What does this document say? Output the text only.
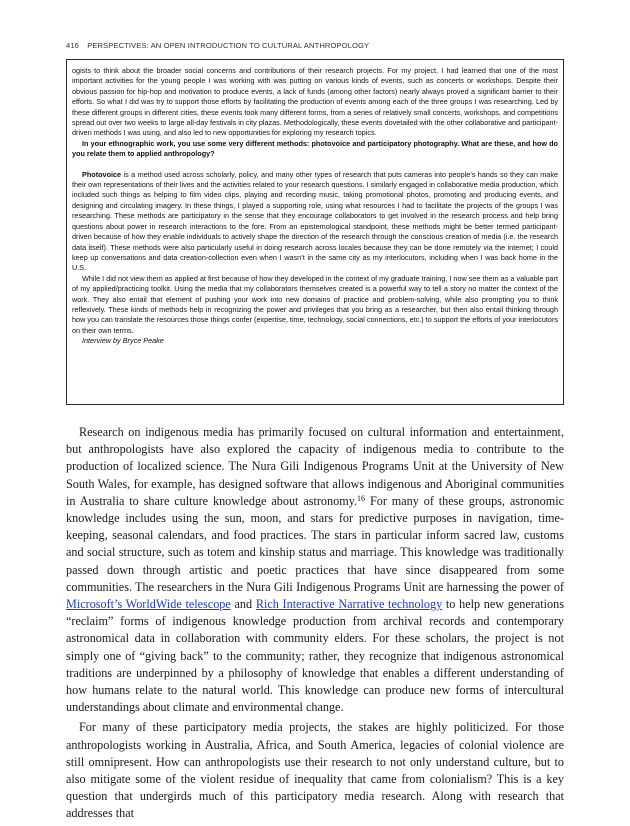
416 PERSPECTIVES: AN OPEN INTRODUCTION TO CULTURAL ANTHROPOLOGY

ogists to think about the broader social concerns and contributions of their research projects. For my project, I had learned that one of the most important activities for the young people I was working with was putting on various kinds of events, such as concerts or workshops. Despite their obvious passion for hip-hop and motivation to produce events, a lack of funds (among other factors) nearly always proved a significant barrier to their efforts. So what I did was try to support those efforts by facilitating the production of events among each of the three groups I was researching. Led by these different groups in different cities, these events took many different forms, from a series of relatively small concerts, workshops, and competitions spread out over two weeks to large all-day festivals in city plazas. Methodologically, these events dovetailed with the other collaborative and participant-driven methods I was using, and also led to new opportunities for exploring my research topics.

In your ethnographic work, you use some very different methods: photovoice and participatory photography. What are these, and how do you relate them to applied anthropology?

Photovoice is a method used across scholarly, policy, and many other types of research that puts cameras into people’s hands so they can make their own representations of their lives and the activities related to your research questions. I similarly engaged in collaborative media production, which included such things as helping to film video clips, playing and recording music, taking promotional photos, promoting and producing events, and designing and circulating imagery. In these things, I played a supporting role, using what resources I had to facilitate the projects of the groups I was researching. These methods are participatory in the sense that they encourage collaborators to get involved in the research process and help bring questions about power in research interactions to the fore. From an epistemological standpoint, these methods might be better termed participant-driven because of how they enable individuals to actively shape the direction of the research through the conscious creation of media (i.e. the research data itself). These methods were also particularly useful in doing research across locales because they can be done remotely via the internet; I could keep up conversations and data creation-collection even when I wasn’t in the same city as my interlocutors, including when I was back home in the U.S.

While I did not view them as applied at first because of how they developed in the context of my graduate training, I now see them as a valuable part of my applied/practicing toolkit. Using the media that my collaborators themselves created is a powerful way to tell a story no matter the context of the work. They also entail that element of pushing your work into new domains of practice and problem-solving, while also prompting you to think reflexively. These kinds of methods help in recognizing the power and privileges that you bring as a researcher, but then also entail thinking through how you can translate the resources those things confer (expertise, time, technology, social connections, etc.) to support the efforts of your interlocutors on their own terms.

Interview by Bryce Peake

Research on indigenous media has primarily focused on cultural information and entertainment, but anthropologists have also explored the capacity of indigenous media to contribute to the production of localized science. The Nura Gili Indigenous Programs Unit at the University of New South Wales, for example, has designed software that allows indigenous and Aboriginal communities in Australia to share culture knowledge about astronomy.$^{16}$ For many of these groups, astronomic knowledge includes using the sun, moon, and stars for predictive purposes in navigation, time-keeping, seasonal calendars, and food practices. The stars in particular inform sacred law, customs and social structure, such as totem and kinship status and marriage. This knowledge was traditionally passed down through artistic and poetic practices that have since disappeared from some communities. The researchers in the Nura Gili Indigenous Programs Unit are harnessing the power of Microsoft’s WorldWide telescope and Rich Interactive Narrative technology to help new generations “reclaim” forms of indigenous knowledge production from archival records and contemporary astronomical data in collaboration with community elders. For these scholars, the project is not simply one of “giving back” to the community; rather, they recognize that indigenous astronomical traditions are underpinned by a philosophy of knowledge that enables a different understanding of how humans relate to the natural world. This knowledge can produce new forms of intercultural understandings about climate and environmental change.

For many of these participatory media projects, the stakes are highly politicized. For those anthropologists working in Australia, Africa, and South America, legacies of colonial violence are still omnipresent. How can anthropologists use their research to not only understand culture, but to also mitigate some of the violent residue of inequality that came from colonialism? This is a key question that undergirds much of this participatory media research. Along with research that addresses that
